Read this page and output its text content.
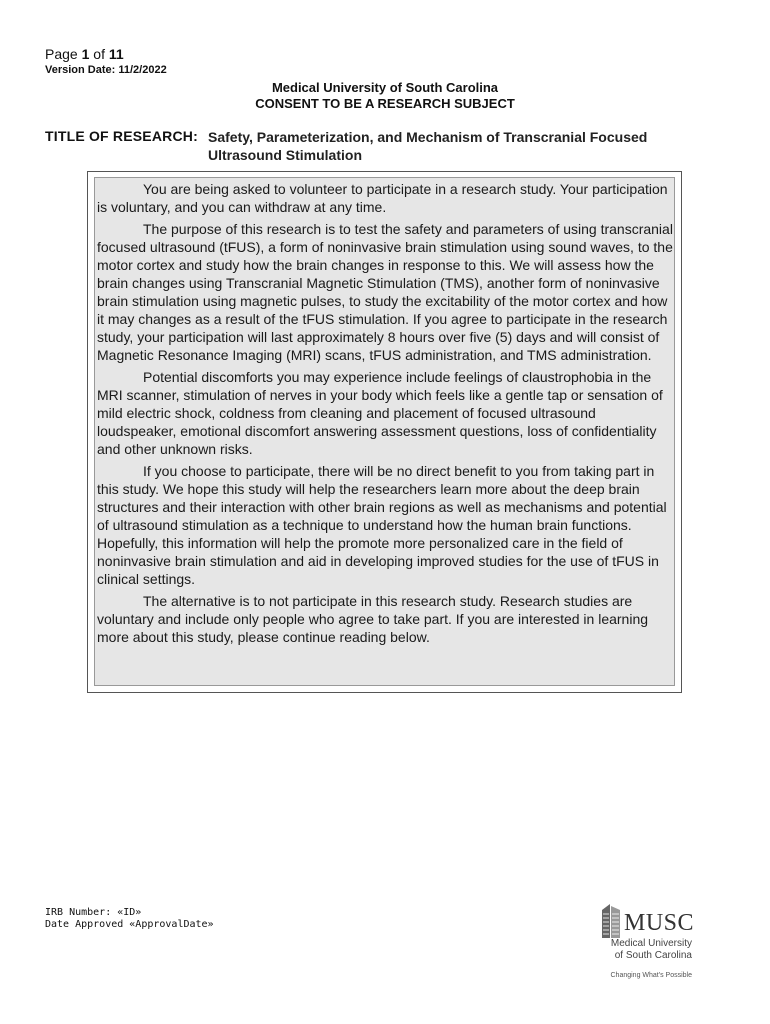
Page 1 of 11
Version Date: 11/2/2022
Medical University of South Carolina
CONSENT TO BE A RESEARCH SUBJECT
TITLE OF RESEARCH: Safety, Parameterization, and Mechanism of Transcranial Focused Ultrasound Stimulation

You are being asked to volunteer to participate in a research study. Your participation is voluntary, and you can withdraw at any time.

The purpose of this research is to test the safety and parameters of using transcranial focused ultrasound (tFUS), a form of noninvasive brain stimulation using sound waves, to the motor cortex and study how the brain changes in response to this. We will assess how the brain changes using Transcranial Magnetic Stimulation (TMS), another form of noninvasive brain stimulation using magnetic pulses, to study the excitability of the motor cortex and how it may changes as a result of the tFUS stimulation. If you agree to participate in the research study, your participation will last approximately 8 hours over five (5) days and will consist of Magnetic Resonance Imaging (MRI) scans, tFUS administration, and TMS administration.

Potential discomforts you may experience include feelings of claustrophobia in the MRI scanner, stimulation of nerves in your body which feels like a gentle tap or sensation of mild electric shock, coldness from cleaning and placement of focused ultrasound loudspeaker, emotional discomfort answering assessment questions, loss of confidentiality and other unknown risks.

If you choose to participate, there will be no direct benefit to you from taking part in this study. We hope this study will help the researchers learn more about the deep brain structures and their interaction with other brain regions as well as mechanisms and potential of ultrasound stimulation as a technique to understand how the human brain functions. Hopefully, this information will help the promote more personalized care in the field of noninvasive brain stimulation and aid in developing improved studies for the use of tFUS in clinical settings.

The alternative is to not participate in this research study. Research studies are voluntary and include only people who agree to take part. If you are interested in learning more about this study, please continue reading below.

IRB Number: «ID»
Date Approved «ApprovalDate»	MUSC
Medical University
of South Carolina
Changing What's Possible
